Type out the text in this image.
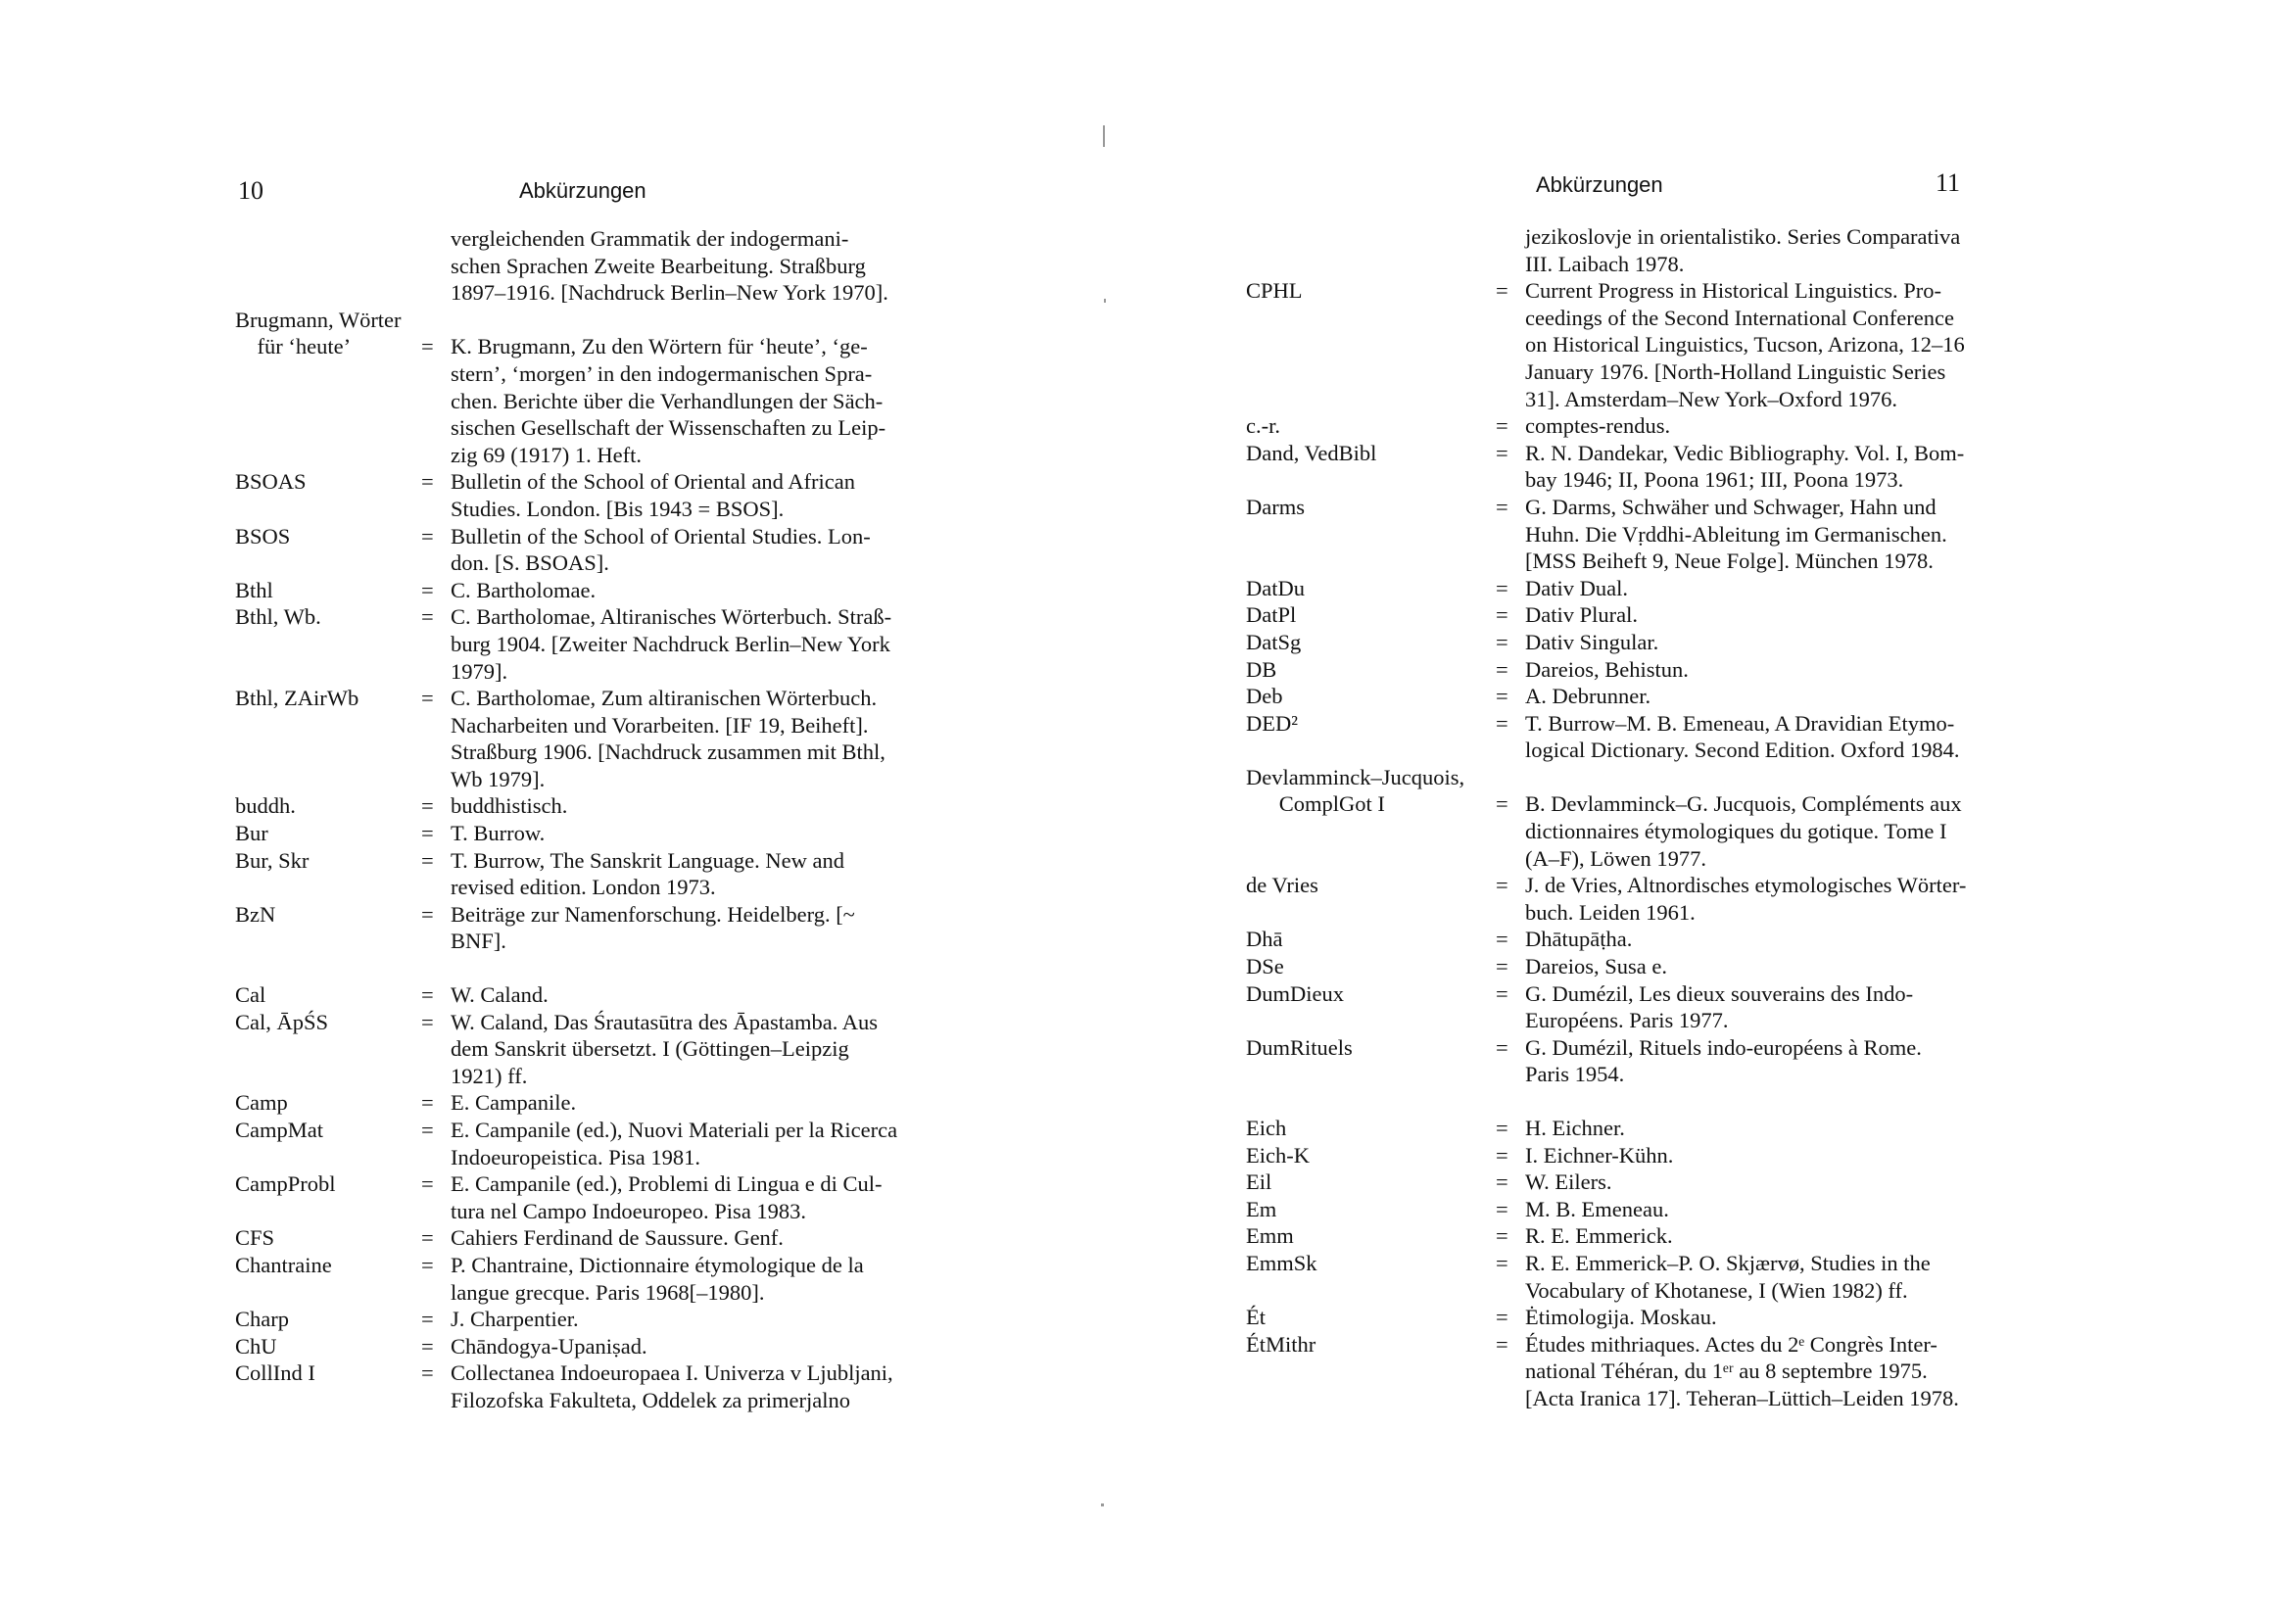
10	Abkürzungen
vergleichenden Grammatik der indogermani-
schen Sprachen Zweite Bearbeitung. Straßburg
1897–1916. [Nachdruck Berlin–New York 1970].
Brugmann, Wörter
für ‘heute’	= K. Brugmann, Zu den Wörtern für ‘heute’, ‘ge-
stern’, ‘morgen’ in den indogermanischen Spra-
chen. Berichte über die Verhandlungen der Säch-
sischen Gesellschaft der Wissenschaften zu Leip-
zig 69 (1917) 1. Heft.
BSOAS	= Bulletin of the School of Oriental and African
Studies. London. [Bis 1943 = BSOS].
BSOS	= Bulletin of the School of Oriental Studies. Lon-
don. [S. BSOAS].
Bthl	= C. Bartholomae.
Bthl, Wb.	= C. Bartholomae, Altiranisches Wörterbuch. Straß-
burg 1904. [Zweiter Nachdruck Berlin–New York
1979].
Bthl, ZAirWb	= C. Bartholomae, Zum altiranischen Wörterbuch.
Nacharbeiten und Vorarbeiten. [IF 19, Beiheft].
Straßburg 1906. [Nachdruck zusammen mit Bthl,
Wb 1979].
buddh.	= buddhistisch.
Bur	= T. Burrow.
Bur, Skr	= T. Burrow, The Sanskrit Language. New and
revised edition. London 1973.
BzN	= Beiträge zur Namenforschung. Heidelberg. [~
BNF].
Cal	= W. Caland.
Cal, ĀpŚS	= W. Caland, Das Śrautasūtra des Āpastamba. Aus
dem Sanskrit übersetzt. I (Göttingen–Leipzig
1921) ff.
Camp	= E. Campanile.
CampMat	= E. Campanile (ed.), Nuovi Materiali per la Ricerca
Indoeuropeistica. Pisa 1981.
CampProbl	= E. Campanile (ed.), Problemi di Lingua e di Cul-
tura nel Campo Indoeuropeo. Pisa 1983.
CFS	= Cahiers Ferdinand de Saussure. Genf.
Chantraine	= P. Chantraine, Dictionnaire étymologique de la
langue grecque. Paris 1968[–1980].
Charp	= J. Charpentier.
ChU	= Chāndogya-Upaniṣad.
CollInd I	= Collectanea Indoeuropaea I. Univerza v Ljubljani,
Filozofska Fakulteta, Oddelek za primerjalno
11
Abkürzungen
jezikoslovje in orientalistiko. Series Comparativa
III. Laibach 1978.
CPHL	= Current Progress in Historical Linguistics. Pro-
ceedings of the Second International Conference
on Historical Linguistics, Tucson, Arizona, 12–16
January 1976. [North-Holland Linguistic Series
31]. Amsterdam–New York–Oxford 1976.
c.-r.	= comptes-rendus.
Dand, VedBibl	= R. N. Dandekar, Vedic Bibliography. Vol. I, Bom-
bay 1946; II, Poona 1961; III, Poona 1973.
Darms	= G. Darms, Schwäher und Schwager, Hahn und
Huhn. Die Vṛddhi-Ableitung im Germanischen.
[MSS Beiheft 9, Neue Folge]. München 1978.
DatDu	= Dativ Dual.
DatPl	= Dativ Plural.
DatSg	= Dativ Singular.
DB	= Dareios, Behistun.
Deb	= A. Debrunner.
DED²	= T. Burrow–M. B. Emeneau, A Dravidian Etymo-
logical Dictionary. Second Edition. Oxford 1984.
Devlamminck–Jucquois,
ComplGot I	= B. Devlamminck–G. Jucquois, Compléments aux
dictionnaires étymologiques du gotique. Tome I
(A–F), Löwen 1977.
de Vries	= J. de Vries, Altnordisches etymologisches Wörter-
buch. Leiden 1961.
Dhā	= Dhātupāṭha.
DSe	= Dareios, Susa e.
DumDieux	= G. Dumézil, Les dieux souverains des Indo-
Européens. Paris 1977.
DumRituels	= G. Dumézil, Rituels indo-européens à Rome.
Paris 1954.
Eich	= H. Eichner.
Eich-K	= I. Eichner-Kühn.
Eil	= W. Eilers.
Em	= M. B. Emeneau.
Emm	= R. E. Emmerick.
EmmSk	= R. E. Emmerick–P. O. Skjærvø, Studies in the
Vocabulary of Khotanese, I (Wien 1982) ff.
Ét	= Ėtimologija. Moskau.
ÉtMithr	= Études mithriaques. Actes du 2ᵉ Congrès Inter-
national Téhéran, du 1ᵉʳ au 8 septembre 1975.
[Acta Iranica 17]. Teheran–Lüttich–Leiden 1978.
